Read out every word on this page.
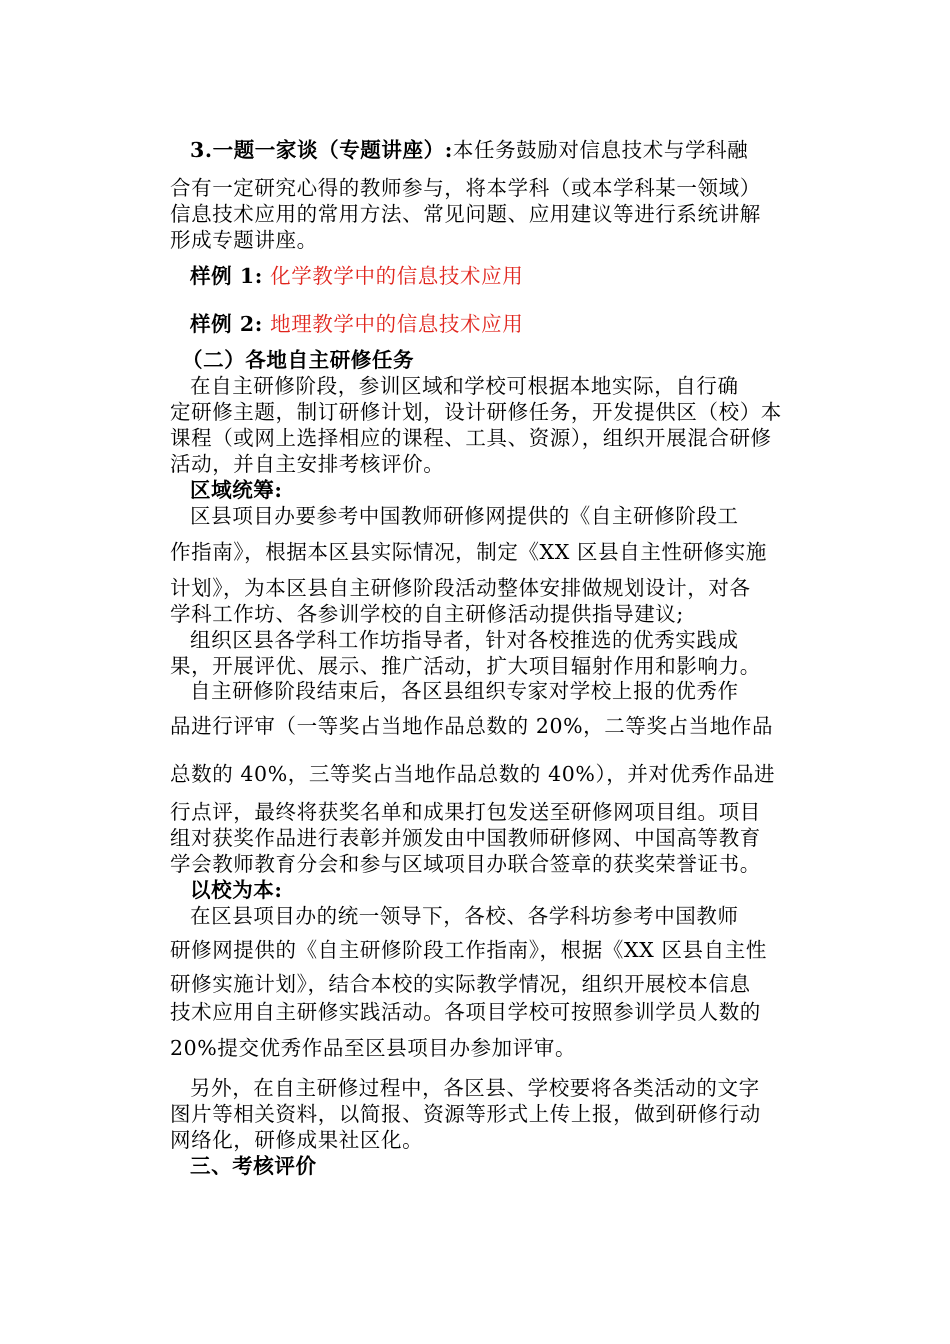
3.一题一家谈（专题讲座）:本任务鼓励对信息技术与学科融
合有一定研究心得的教师参与，将本学科（或本学科某一领域）
信息技术应用的常用方法、常见问题、应用建议等进行系统讲解
形成专题讲座。
样例 1: 化学教学中的信息技术应用
样例 2: 地理教学中的信息技术应用
（二）各地自主研修任务
在自主研修阶段，参训区域和学校可根据本地实际，自行确
定研修主题，制订研修计划，设计研修任务，开发提供区（校）本
课程（或网上选择相应的课程、工具、资源），组织开展混合研修
活动，并自主安排考核评价。
区域统筹:
区县项目办要参考中国教师研修网提供的《自主研修阶段工
作指南》，根据本区县实际情况，制定《XX 区县自主性研修实施
计划》，为本区县自主研修阶段活动整体安排做规划设计，对各
学科工作坊、各参训学校的自主研修活动提供指导建议;
组织区县各学科工作坊指导者，针对各校推选的优秀实践成
果，开展评优、展示、推广活动，扩大项目辐射作用和影响力。
自主研修阶段结束后，各区县组织专家对学校上报的优秀作
品进行评审（一等奖占当地作品总数的 20%，二等奖占当地作品
总数的 40%，三等奖占当地作品总数的 40%），并对优秀作品进
行点评，最终将获奖名单和成果打包发送至研修网项目组。项目
组对获奖作品进行表彰并颁发由中国教师研修网、中国高等教育
学会教师教育分会和参与区域项目办联合签章的获奖荣誉证书。
以校为本:
在区县项目办的统一领导下，各校、各学科坊参考中国教师
研修网提供的《自主研修阶段工作指南》，根据《XX 区县自主性
研修实施计划》，结合本校的实际教学情况，组织开展校本信息
技术应用自主研修实践活动。各项目学校可按照参训学员人数的
20%提交优秀作品至区县项目办参加评审。
另外，在自主研修过程中，各区县、学校要将各类活动的文字
图片等相关资料，以简报、资源等形式上传上报，做到研修行动
网络化，研修成果社区化。
三、考核评价
